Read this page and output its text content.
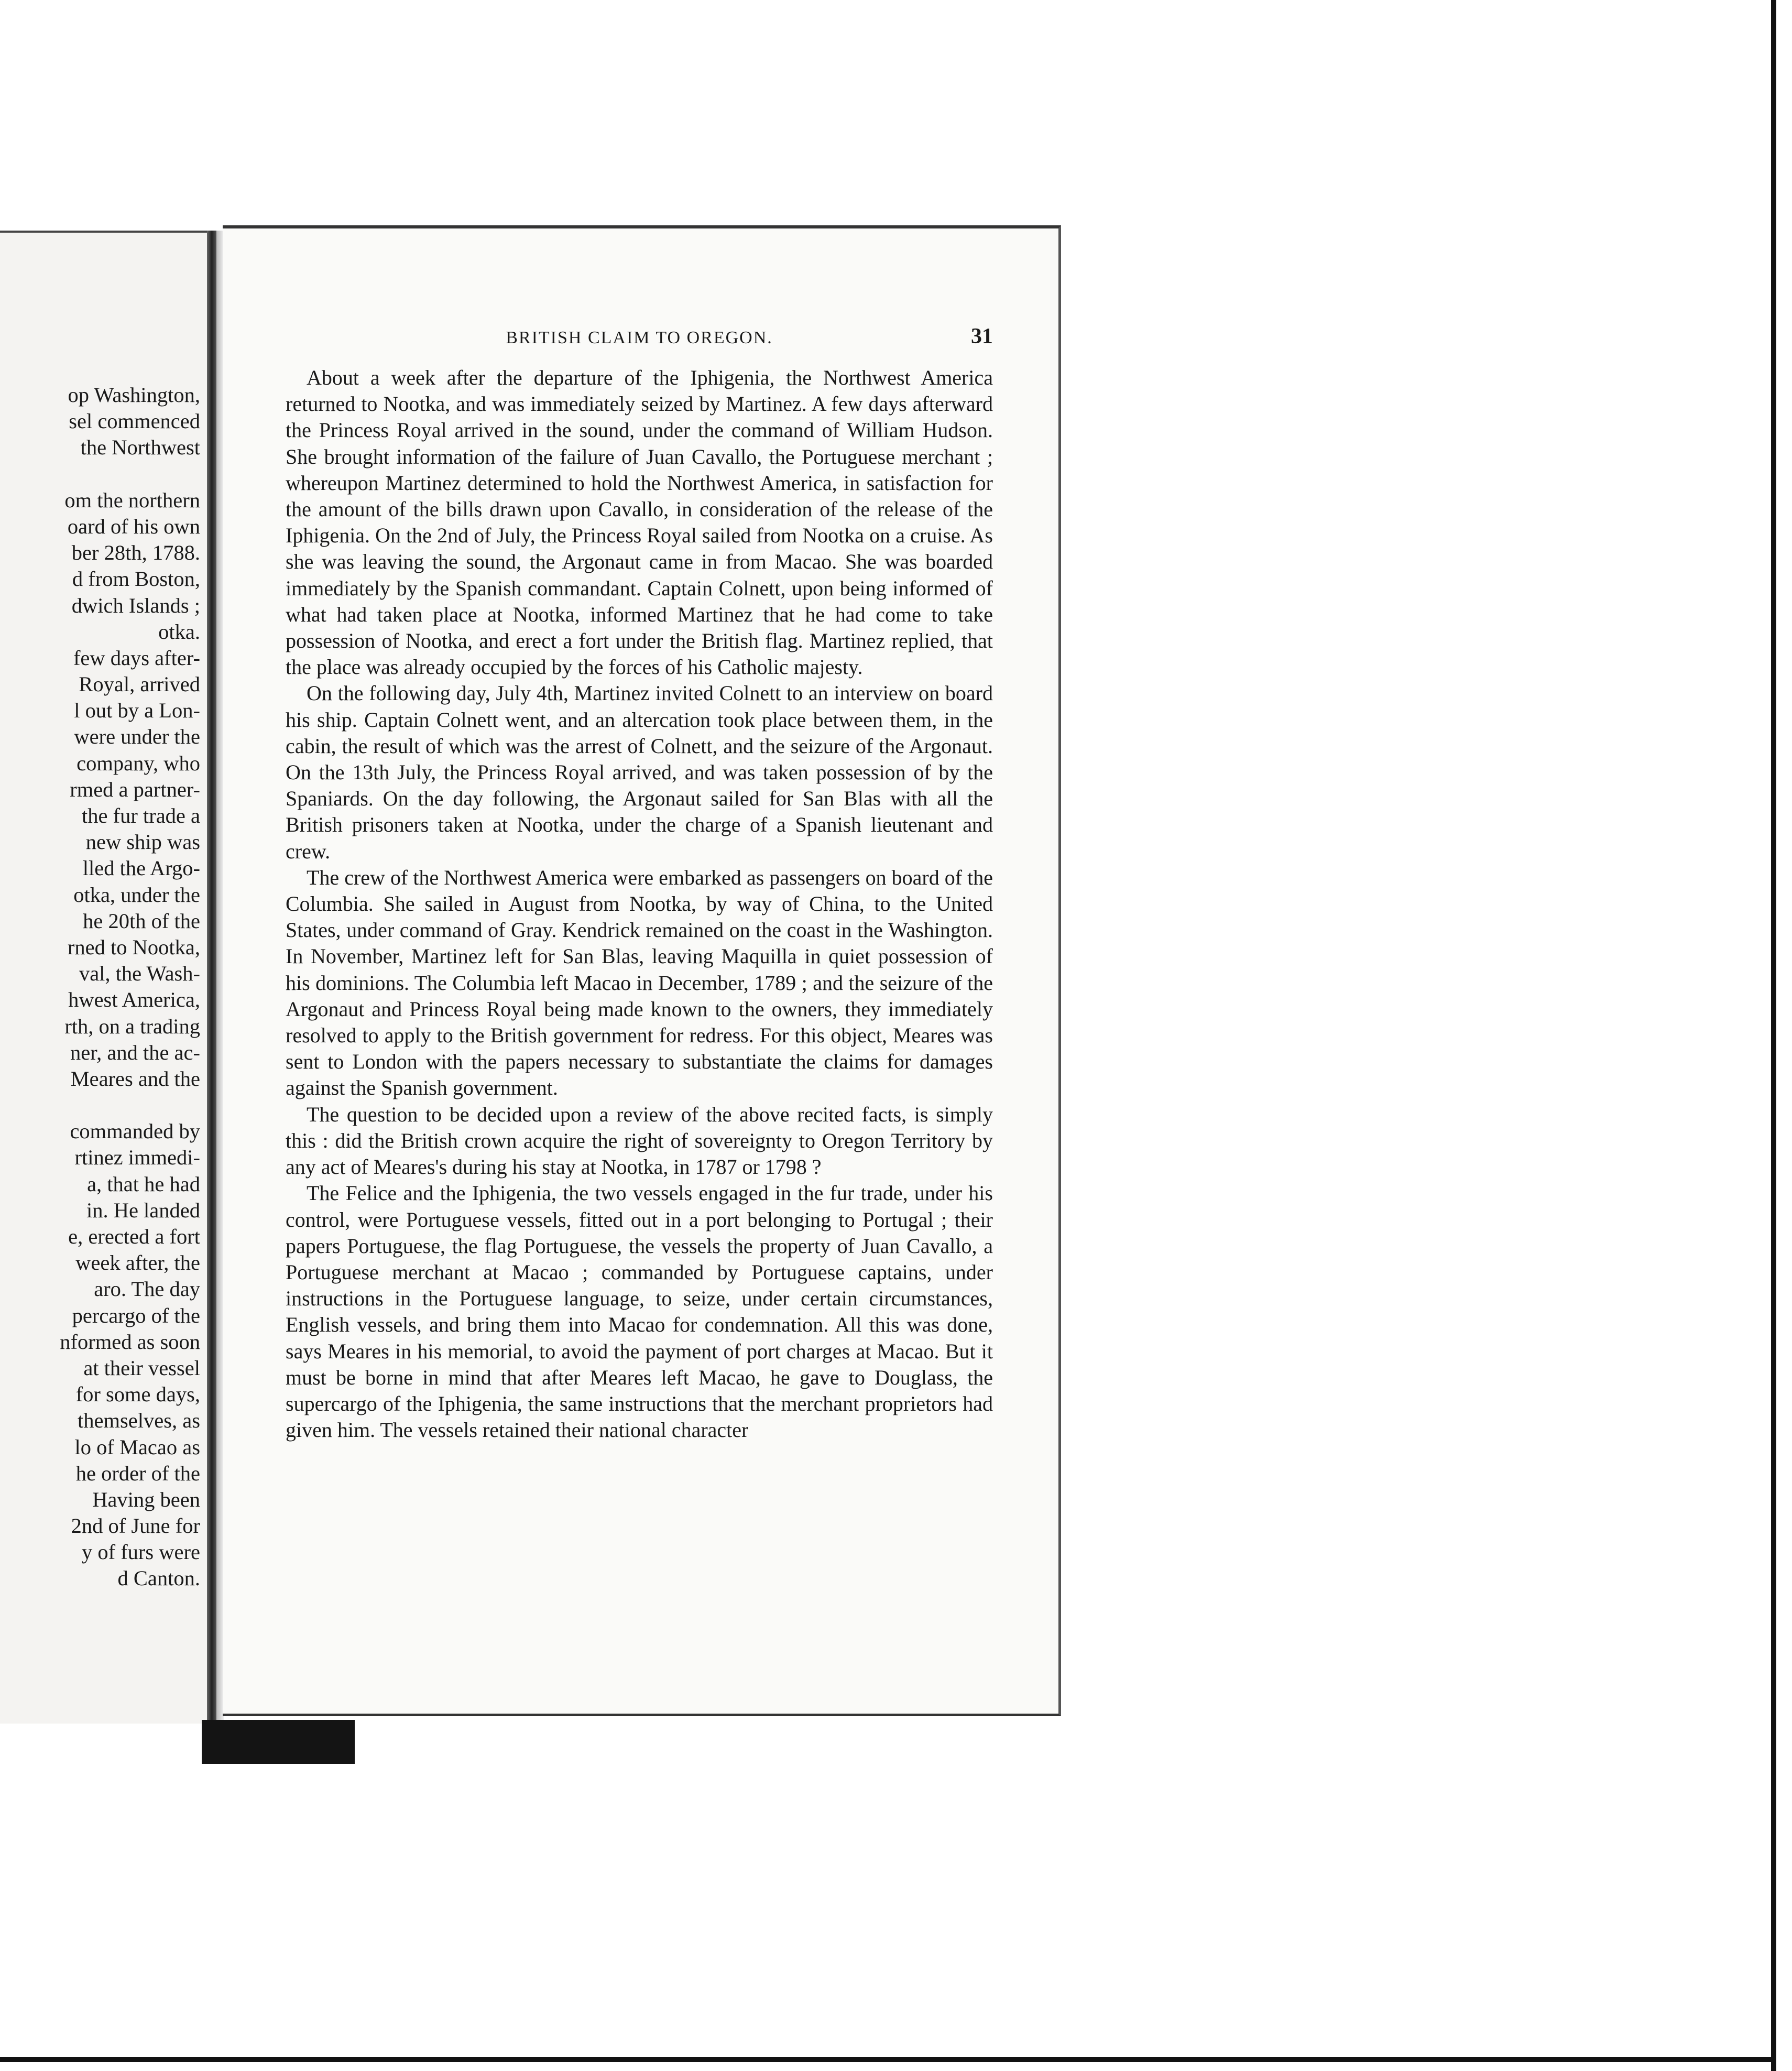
op Washington,
sel commenced
the Northwest
om the northern
oard of his own
ber 28th, 1788.
d from Boston,
dwich Islands ;
otka.
few days after-
Royal, arrived
l out by a Lon-
were under the
company, who
rmed a partner-
the fur trade a
new ship was
lled the Argo-
otka, under the
he 20th of the
rned to Nootka,
val, the Wash-
hwest America,
rth, on a trading
ner, and the ac-
Meares and the
commanded by
rtinez immedi-
a, that he had
in. He landed
e, erected a fort
week after, the
aro. The day
percargo of the
nformed as soon
at their vessel
for some days,
themselves, as
lo of Macao as
he order of the
Having been
2nd of June for
y of furs were
d Canton.
BRITISH CLAIM TO OREGON.	31

About a week after the departure of the Iphigenia, the Northwest America returned to Nootka, and was immediately seized by Martinez. A few days afterward the Princess Royal arrived in the sound, under the command of William Hudson. She brought information of the failure of Juan Cavallo, the Portuguese merchant ; whereupon Martinez determined to hold the Northwest America, in satisfaction for the amount of the bills drawn upon Cavallo, in consideration of the release of the Iphigenia. On the 2nd of July, the Princess Royal sailed from Nootka on a cruise. As she was leaving the sound, the Argonaut came in from Macao. She was boarded immediately by the Spanish commandant. Captain Colnett, upon being informed of what had taken place at Nootka, informed Martinez that he had come to take possession of Nootka, and erect a fort under the British flag. Martinez replied, that the place was already occupied by the forces of his Catholic majesty.

On the following day, July 4th, Martinez invited Colnett to an interview on board his ship. Captain Colnett went, and an altercation took place between them, in the cabin, the result of which was the arrest of Colnett, and the seizure of the Argonaut. On the 13th July, the Princess Royal arrived, and was taken possession of by the Spaniards. On the day following, the Argonaut sailed for San Blas with all the British prisoners taken at Nootka, under the charge of a Spanish lieutenant and crew.

The crew of the Northwest America were embarked as passengers on board of the Columbia. She sailed in August from Nootka, by way of China, to the United States, under command of Gray. Kendrick remained on the coast in the Washington. In November, Martinez left for San Blas, leaving Maquilla in quiet possession of his dominions. The Columbia left Macao in December, 1789 ; and the seizure of the Argonaut and Princess Royal being made known to the owners, they immediately resolved to apply to the British government for redress. For this object, Meares was sent to London with the papers necessary to substantiate the claims for damages against the Spanish government.

The question to be decided upon a review of the above recited facts, is simply this : did the British crown acquire the right of sovereignty to Oregon Territory by any act of Meares's during his stay at Nootka, in 1787 or 1798 ?

The Felice and the Iphigenia, the two vessels engaged in the fur trade, under his control, were Portuguese vessels, fitted out in a port belonging to Portugal ; their papers Portuguese, the flag Portuguese, the vessels the property of Juan Cavallo, a Portuguese merchant at Macao ; commanded by Portuguese captains, under instructions in the Portuguese language, to seize, under certain circumstances, English vessels, and bring them into Macao for condemnation. All this was done, says Meares in his memorial, to avoid the payment of port charges at Macao. But it must be borne in mind that after Meares left Macao, he gave to Douglass, the supercargo of the Iphigenia, the same instructions that the merchant proprietors had given him. The vessels retained their national character
